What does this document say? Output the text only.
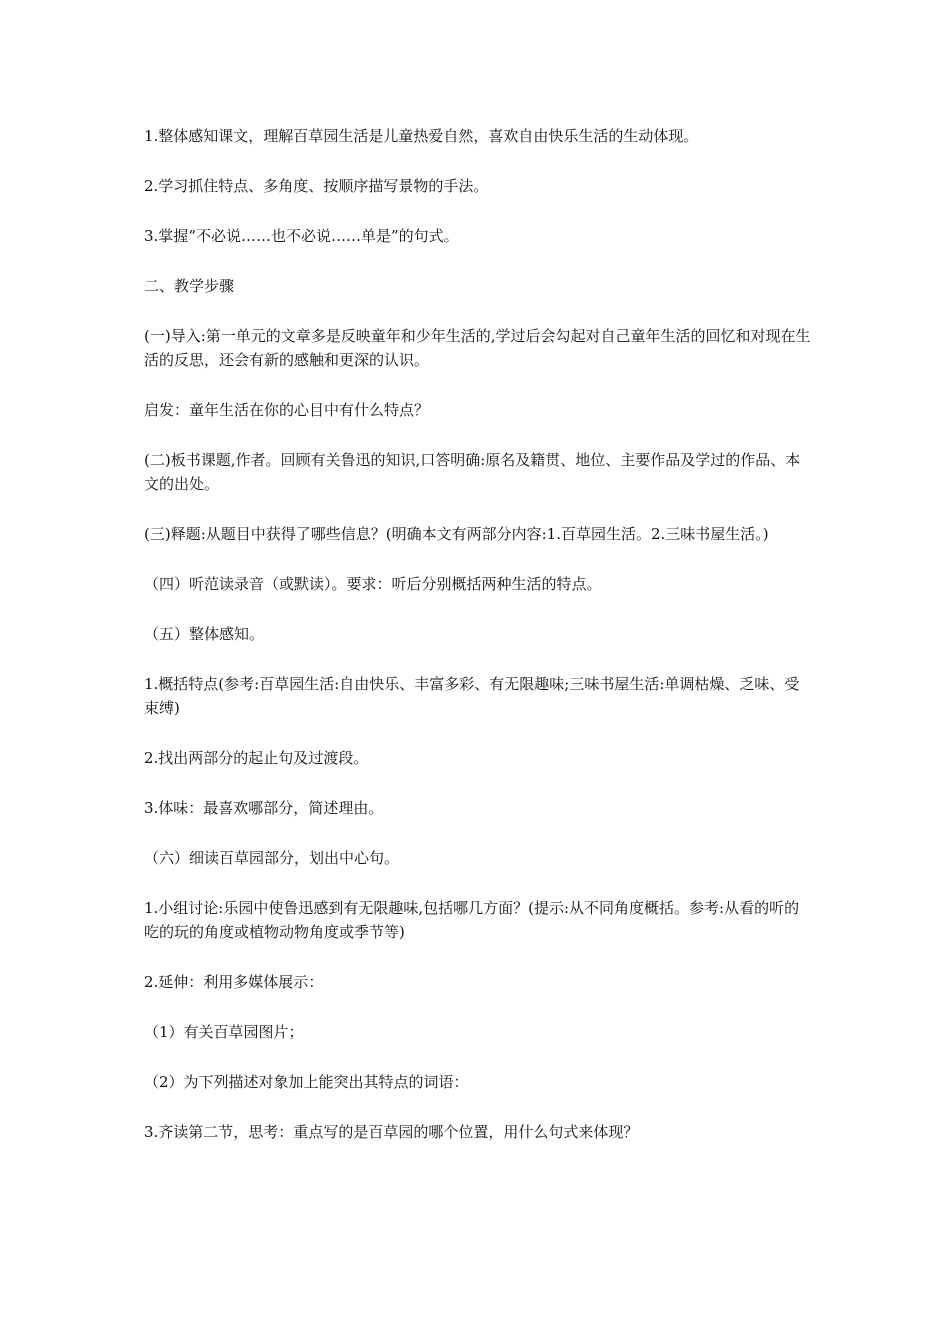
1.整体感知课文，理解百草园生活是儿童热爱自然，喜欢自由快乐生活的生动体现。

2.学习抓住特点、多角度、按顺序描写景物的手法。

3.掌握“不必说……也不必说……单是”的句式。

二、教学步骤

(一)导入:第一单元的文章多是反映童年和少年生活的,学过后会勾起对自己童年生活的回忆和对现在生活的反思，还会有新的感触和更深的认识。

启发：童年生活在你的心目中有什么特点？

(二)板书课题,作者。回顾有关鲁迅的知识,口答明确:原名及籍贯、地位、主要作品及学过的作品、本文的出处。

(三)释题:从题目中获得了哪些信息？(明确本文有两部分内容:1.百草园生活。2.三味书屋生活。)

（四）听范读录音（或默读）。要求：听后分别概括两种生活的特点。

（五）整体感知。

1.概括特点(参考:百草园生活:自由快乐、丰富多彩、有无限趣味;三味书屋生活:单调枯燥、乏味、受束缚)

2.找出两部分的起止句及过渡段。

3.体味：最喜欢哪部分，简述理由。

（六）细读百草园部分，划出中心句。

1.小组讨论:乐园中使鲁迅感到有无限趣味,包括哪几方面？(提示:从不同角度概括。参考:从看的听的吃的玩的角度或植物动物角度或季节等)

2.延伸：利用多媒体展示：

（1）有关百草园图片；

（2）为下列描述对象加上能突出其特点的词语：

3.齐读第二节，思考：重点写的是百草园的哪个位置，用什么句式来体现？
